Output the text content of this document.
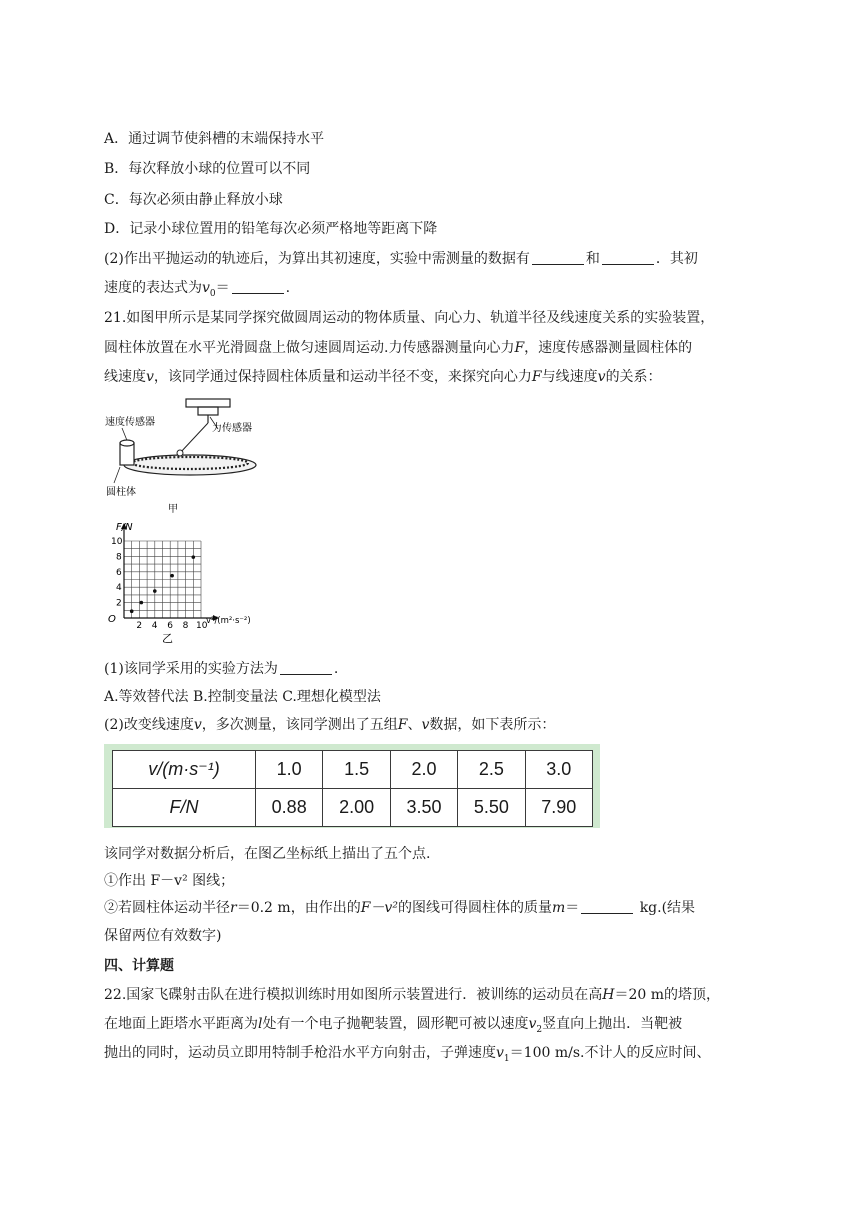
A．通过调节使斜槽的末端保持水平
B．每次释放小球的位置可以不同
C．每次必须由静止释放小球
D．记录小球位置用的铅笔每次必须严格地等距离下降
(2)作出平抛运动的轨迹后，为算出其初速度，实验中需测量的数据有	和	．其初
速度的表达式为$v_0=$	.
21.如图甲所示是某同学探究做圆周运动的物体质量、向心力、轨道半径及线速度关系的实验装置，
圆柱体放置在水平光滑圆盘上做匀速圆周运动.力传感器测量向心力F，速度传感器测量圆柱体的
线速度v，该同学通过保持圆柱体质量和运动半径不变，来探究向心力F与线速度v的关系：
力传感器
速度传感器
圆柱体
甲
2 4 6 8 10
2
4
6
8
10
F/N
v²/(m²·s⁻²)
O
乙
(1)该同学采用的实验方法为	.
A.等效替代法 B.控制变量法 C.理想化模型法
(2)改变线速度v，多次测量，该同学测出了五组F、v数据，如下表所示：
v/(m·s⁻¹)	1.0	1.5	2.0	2.5	3.0
F/N	0.88	2.00	3.50	5.50	7.90
该同学对数据分析后，在图乙坐标纸上描出了五个点.
①作出 F－v² 图线；
②若圆柱体运动半径r＝0.2 m，由作出的F－v²的图线可得圆柱体的质量m＝	kg.(结果
保留两位有效数字)
四、计算题
22.国家飞碟射击队在进行模拟训练时用如图所示装置进行．被训练的运动员在高H＝20 m的塔顶，
在地面上距塔水平距离为l处有一个电子抛靶装置，圆形靶可被以速度$v_2$竖直向上抛出．当靶被
抛出的同时，运动员立即用特制手枪沿水平方向射击，子弹速度$v_1=100$ m/s.不计人的反应时间、
